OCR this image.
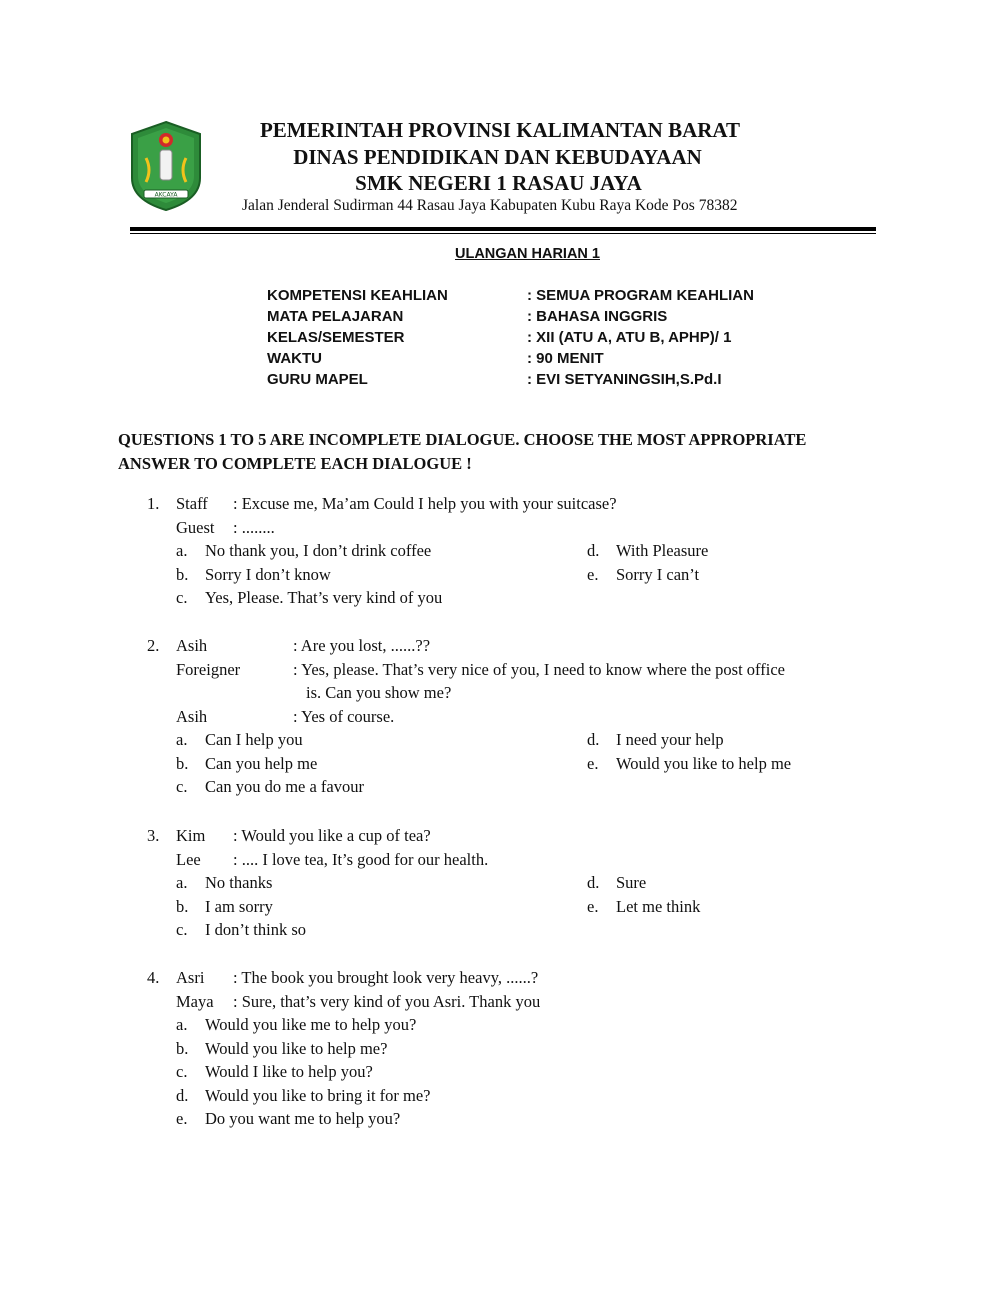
AKCAYA
PEMERINTAH PROVINSI KALIMANTAN BARAT
DINAS PENDIDIKAN DAN KEBUDAYAAN
SMK NEGERI 1 RASAU JAYA
Jalan Jenderal Sudirman 44 Rasau Jaya Kabupaten Kubu Raya Kode Pos 78382
ULANGAN HARIAN 1
KOMPETENSI KEAHLIAN	: SEMUA PROGRAM KEAHLIAN
MATA PELAJARAN	: BAHASA INGGRIS
KELAS/SEMESTER	: XII (ATU A, ATU B, APHP)/ 1
WAKTU	: 90 MENIT
GURU MAPEL	: EVI SETYANINGSIH,S.Pd.I
QUESTIONS 1 TO 5 ARE INCOMPLETE DIALOGUE. CHOOSE THE MOST APPROPRIATE
ANSWER TO COMPLETE EACH DIALOGUE !
1.	Staff : Excuse me, Ma’am Could I help you with your suitcase?
Guest : ........
a. No thank you, I don’t drink coffee	d. With Pleasure
b. Sorry I don’t know	e. Sorry I can’t
c. Yes, Please. That’s very kind of you
2.	Asih	: Are you lost, ......??
Foreigner	: Yes, please. That’s very nice of you, I need to know where the post office
is. Can you show me?
Asih	: Yes of course.
a. Can I help you	d. I need your help
b. Can you help me	e. Would you like to help me
c. Can you do me a favour
3.	Kim : Would you like a cup of tea?
Lee : .... I love tea, It’s good for our health.
a. No thanks	d. Sure
b. I am sorry	e. Let me think
c. I don’t think so
4.	Asri : The book you brought look very heavy, ......?
Maya : Sure, that’s very kind of you Asri. Thank you
a. Would you like me to help you?
b. Would you like to help me?
c. Would I like to help you?
d. Would you like to bring it for me?
e. Do you want me to help you?
